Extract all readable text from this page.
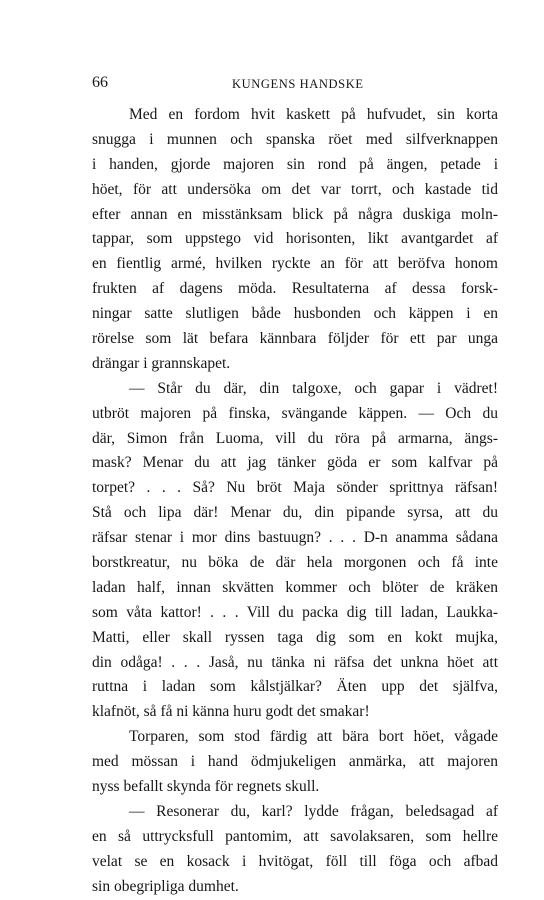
66	KUNGENS HANDSKE
Med en fordom hvit kaskett på hufvudet, sin korta
snugga i munnen och spanska röet med silfverknappen
i handen, gjorde majoren sin rond på ängen, petade i
höet, för att undersöka om det var torrt, och kastade tid
efter annan en misstänksam blick på några duskiga moln-
tappar, som uppstego vid horisonten, likt avantgardet af
en fientlig armé, hvilken ryckte an för att beröfva honom
frukten af dagens möda. Resultaterna af dessa forsk-
ningar satte slutligen både husbonden och käppen i en
rörelse som lät befara kännbara följder för ett par unga
drängar i grannskapet.
— Står du där, din talgoxe, och gapar i vädret!
utbröt majoren på finska, svängande käppen. — Och du
där, Simon från Luoma, vill du röra på armarna, ängs-
mask? Menar du att jag tänker göda er som kalfvar på
torpet? . . . Så? Nu bröt Maja sönder sprittnya räfsan!
Stå och lipa där! Menar du, din pipande syrsa, att du
räfsar stenar i mor dins bastuugn? . . . D-n anamma sådana
borstkreatur, nu böka de där hela morgonen och få inte
ladan half, innan skvätten kommer och blöter de kräken
som våta kattor! . . . Vill du packa dig till ladan, Laukka-
Matti, eller skall ryssen taga dig som en kokt mujka,
din odåga! . . . Jaså, nu tänka ni räfsa det unkna höet att
ruttna i ladan som kålstjälkar? Äten upp det själfva,
klafnöt, så få ni känna huru godt det smakar!
Torparen, som stod färdig att bära bort höet, vågade
med mössan i hand ödmjukeligen anmärka, att majoren
nyss befallt skynda för regnets skull.
— Resonerar du, karl? lydde frågan, beledsagad af
en så uttrycksfull pantomim, att savolaksaren, som hellre
velat se en kosack i hvitögat, föll till föga och afbad
sin obegripliga dumhet.
